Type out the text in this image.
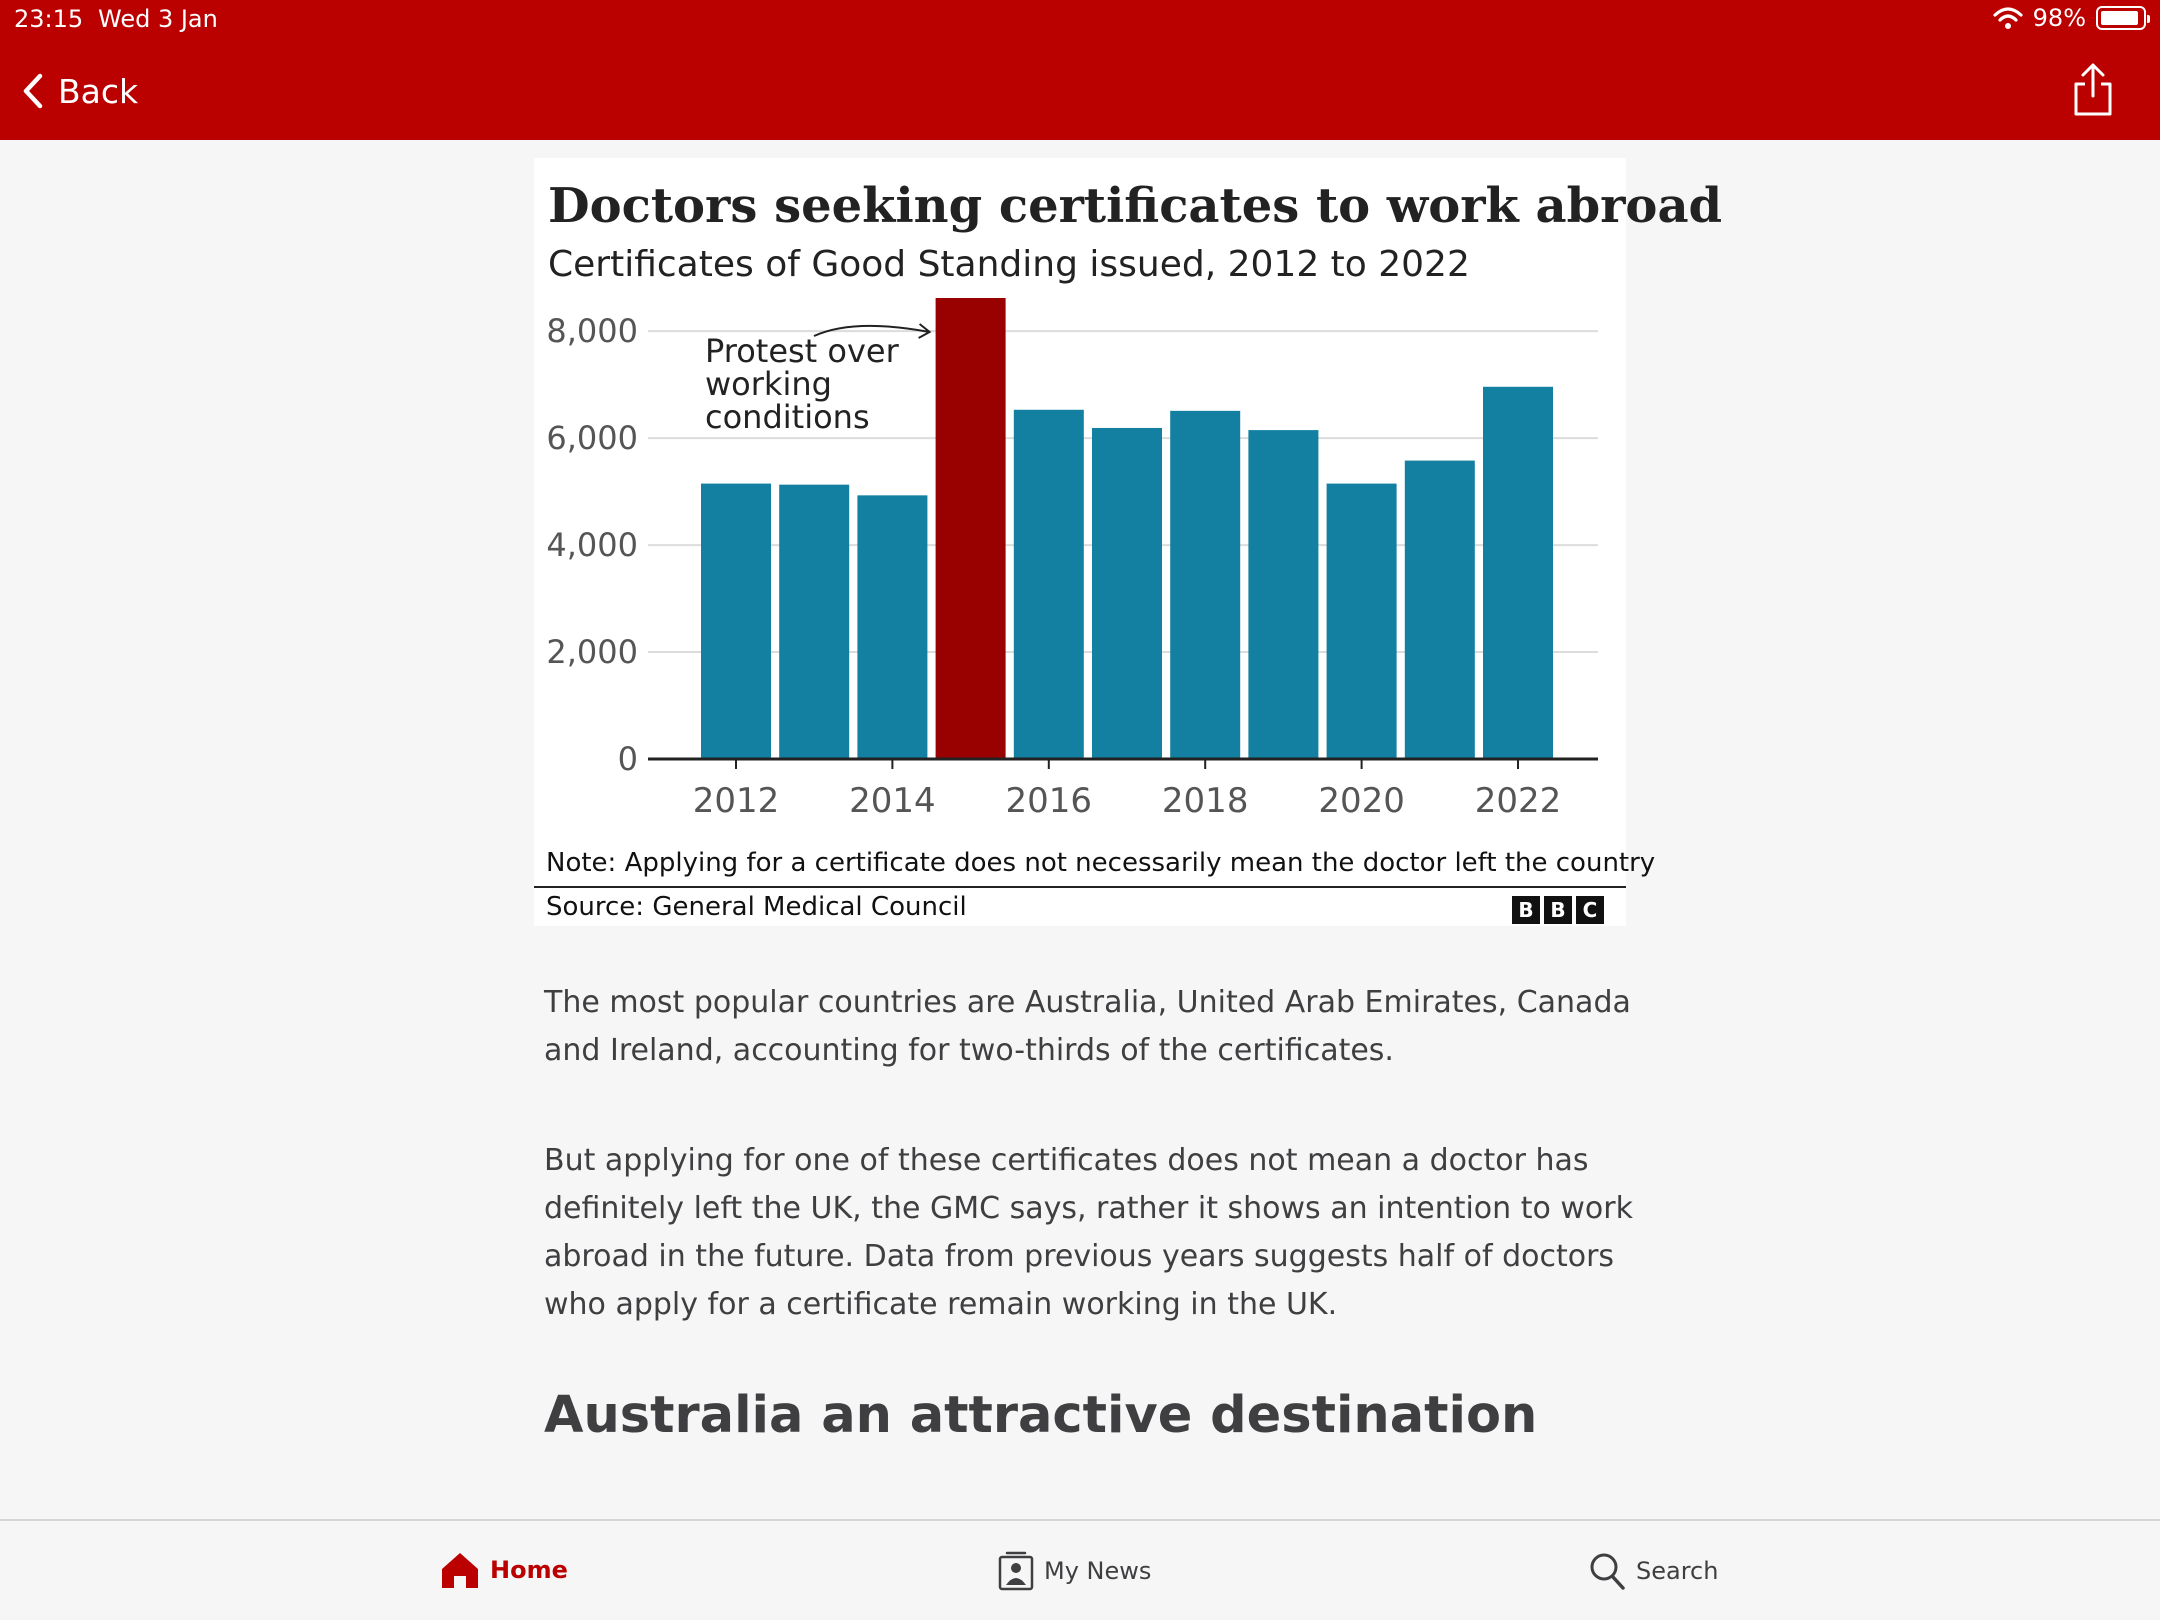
23:15 Wed 3 Jan	98%
Back
0
2,000
4,000
6,000
8,000
2012 2014 2016 2018 2020 2022
Protest over
working
conditions
Doctors seeking certificates to work abroad
Certificates of Good Standing issued, 2012 to 2022
Note: Applying for a certificate does not necessarily mean the doctor left the country
Source: General Medical Council	B B C

The most popular countries are Australia, United Arab Emirates, Canada and Ireland, accounting for two-thirds of the certificates.

But applying for one of these certificates does not mean a doctor has definitely left the UK, the GMC says, rather it shows an intention to work abroad in the future. Data from previous years suggests half of doctors who apply for a certificate remain working in the UK.

Australia an attractive destination
Home	My News	Search
